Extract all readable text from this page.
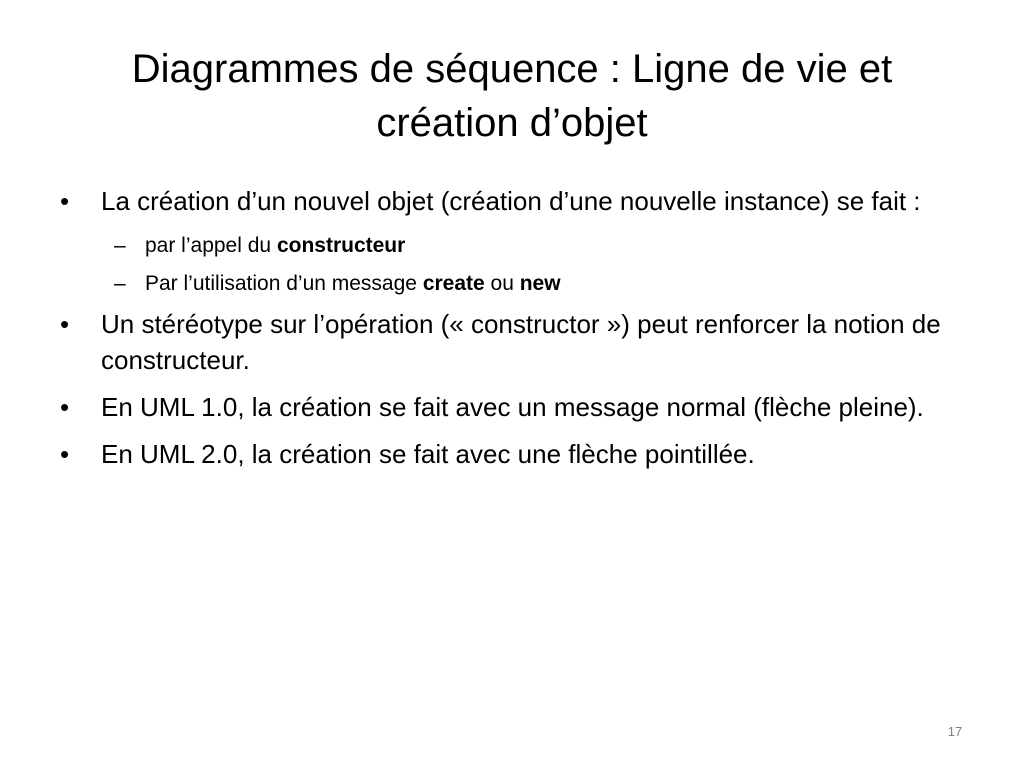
Diagrammes de séquence : Ligne de vie et
création d’objet
•	La création d’un nouvel objet (création d’une nouvelle instance) se fait :
– par l’appel du constructeur
– Par l’utilisation d’un message create ou new
•	Un stéréotype sur l’opération (« constructor ») peut renforcer la notion de constructeur.
•	En UML 1.0, la création se fait avec un message normal (flèche pleine).
•	En UML 2.0, la création se fait avec une flèche pointillée.
17
